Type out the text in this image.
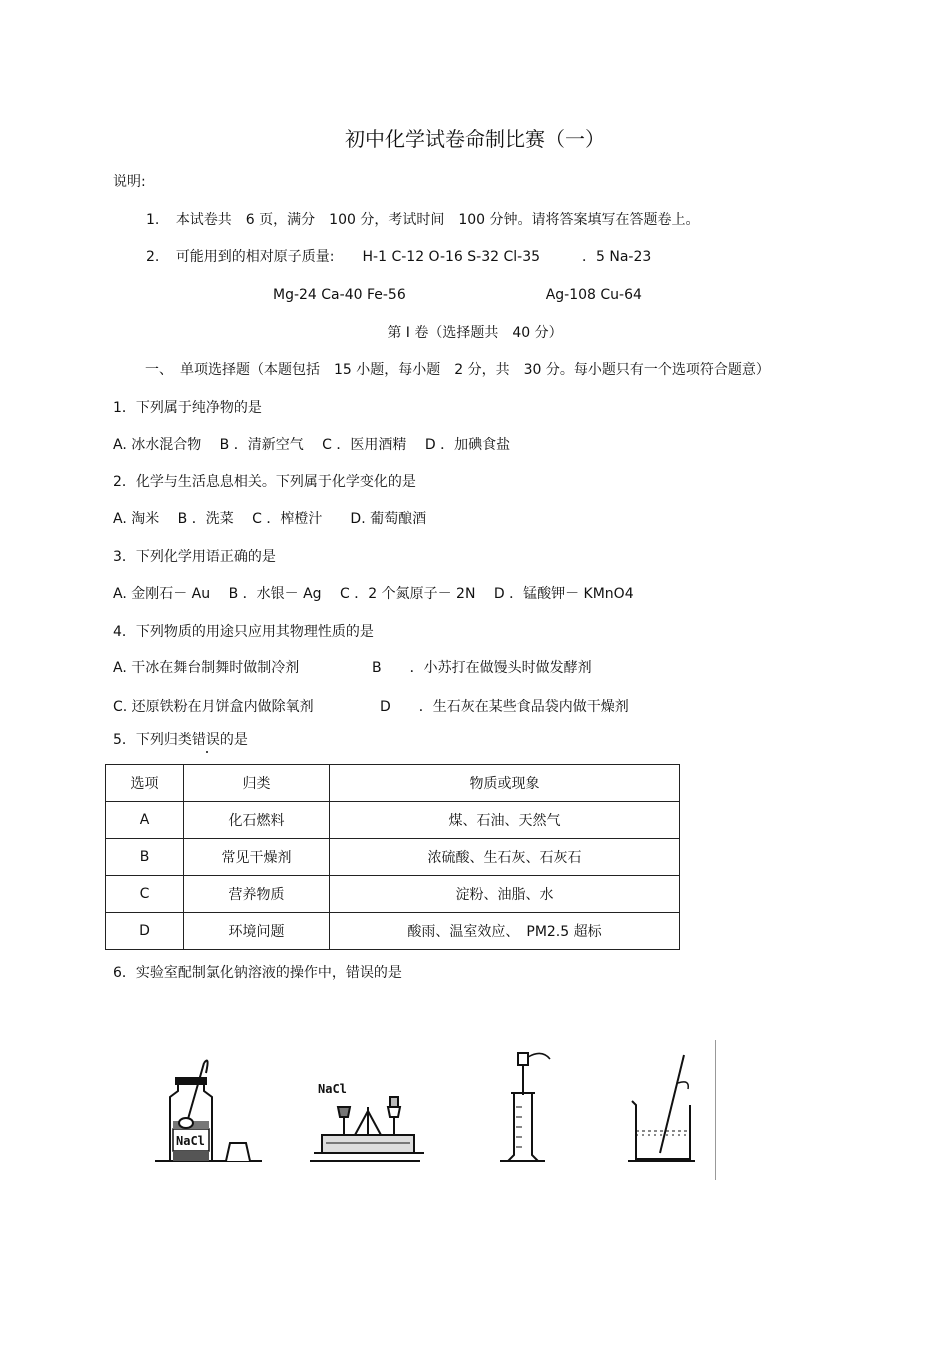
初中化学试卷命制比赛（一）
说明:
1. 本试卷共　6 页，满分　100 分，考试时间　100 分钟。请将答案填写在答题卷上。
2. 可能用到的相对原子质量:　　H-1 C-12 O-16 S-32 Cl-35　　　．5 Na-23
Mg-24 Ca-40 Fe-56　　　　　　　　　　Ag-108 Cu-64
第 Ⅰ 卷（选择题共　40 分）
一、　单项选择题（本题包括　15 小题，每小题　2 分，共　30 分。每小题只有一个选项符合题意）
1．下列属于纯净物的是
A. 冰水混合物　 B ．清新空气　 C ．医用酒精　 D ．加碘食盐
2．化学与生活息息相关。下列属于化学变化的是
A. 淘米　 B ．洗菜　 C ．榨橙汁　　D. 葡萄酿酒
3．下列化学用语正确的是
A. 金刚石－ Au　 B ．水银－ Ag　 C ．2 个氮原子－ 2N　 D ．锰酸钾－ KMnO4
4．下列物质的用途只应用其物理性质的是
A. 干冰在舞台制舞时做制冷剂	B　　．小苏打在做馒头时做发酵剂
C. 还原铁粉在月饼盒内做除氧剂	D　　．生石灰在某些食品袋内做干燥剂
5．下列归类错误的是
选项	归类	物质或现象
A	化石燃料	煤、石油、天然气
B	常见干燥剂	浓硫酸、生石灰、石灰石
C	营养物质	淀粉、油脂、水
D	环境问题	酸雨、温室效应、　PM2.5 超标
6．实验室配制氯化钠溶液的操作中，错误的是
NaCl
NaCl
